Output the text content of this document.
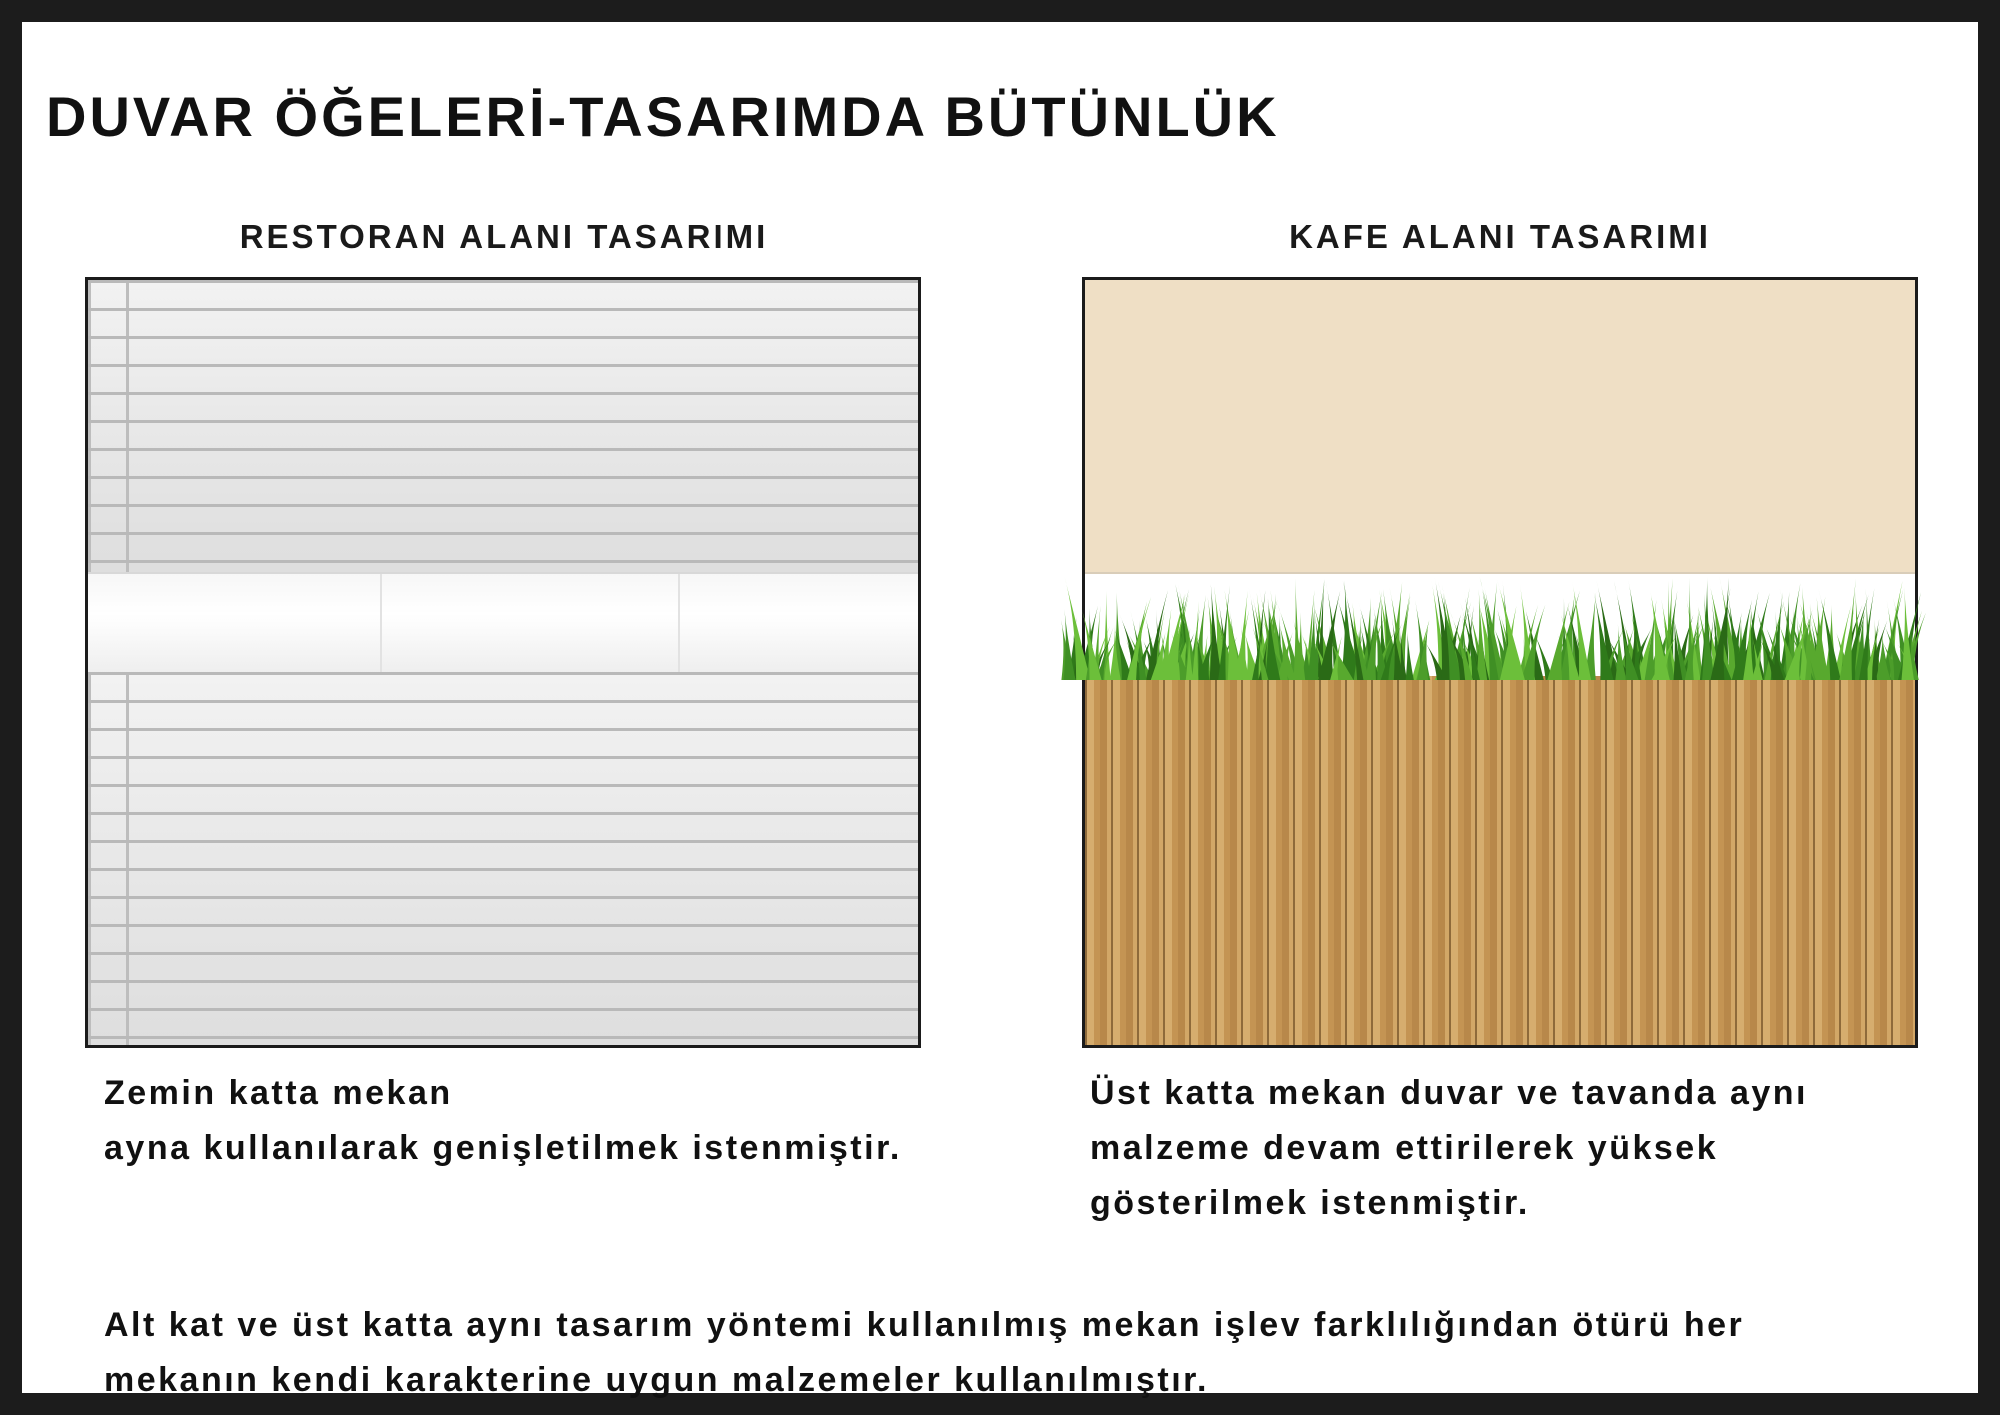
DUVAR ÖĞELERİ-TASARIMDA BÜTÜNLÜK
RESTORAN ALANI TASARIMI	KAFE ALANI TASARIMI

Zemin katta mekan
ayna kullanılarak genişletilmek istenmiştir.

Üst katta mekan duvar ve tavanda aynı
malzeme devam ettirilerek yüksek
gösterilmek istenmiştir.

Alt kat ve üst katta aynı tasarım yöntemi kullanılmış mekan işlev farklılığından ötürü her
mekanın kendi karakterine uygun malzemeler kullanılmıştır.
